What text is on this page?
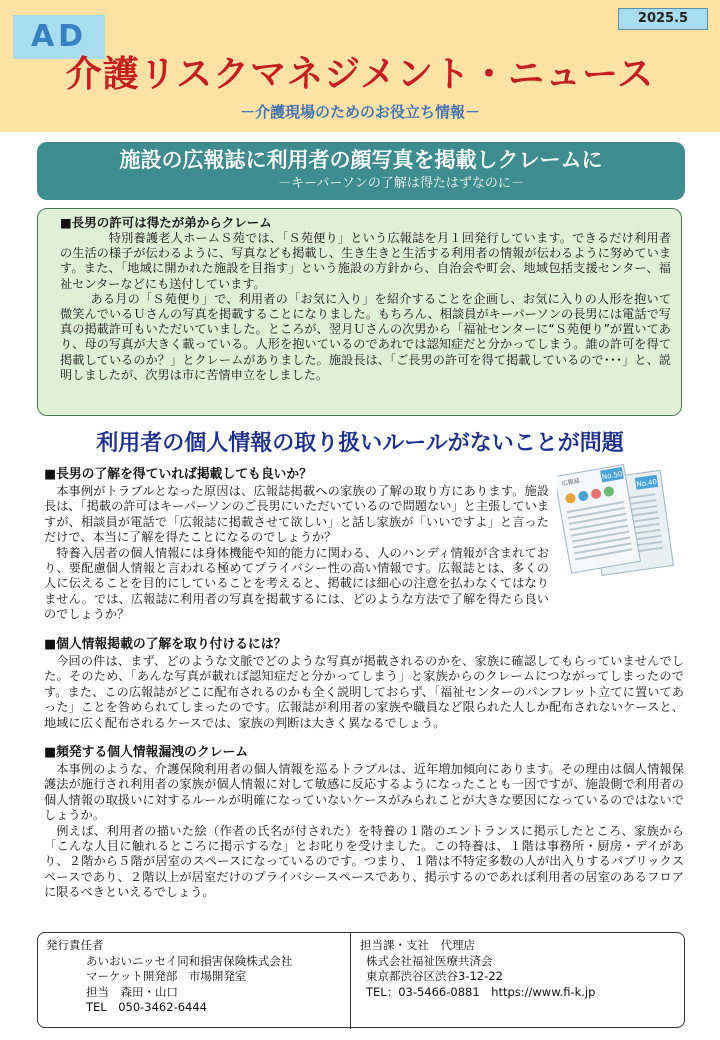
AD
2025.5
介護リスクマネジメント・ニュース
－介護現場のためのお役立ち情報－
施設の広報誌に利用者の顔写真を掲載しクレームに
－キーパーソンの了解は得たはずなのに－
■長男の許可は得たが弟からクレーム

特別養護老人ホームＳ苑では、「Ｓ苑便り」という広報誌を月１回発行しています。できるだけ利用者の生活の様子が伝わるように、写真なども掲載し、生き生きと生活する利用者の情報が伝わるように努めています。また、「地域に開かれた施設を目指す」という施設の方針から、自治会や町会、地域包括支援センター、福祉センターなどにも送付しています。

ある月の「Ｓ苑便り」で、利用者の「お気に入り」を紹介することを企画し、お気に入りの人形を抱いて微笑んでいるＵさんの写真を掲載することになりました。もちろん、相談員がキーパーソンの長男には電話で写真の掲載許可もいただいていました。ところが、翌月Ｕさんの次男から「福祉センターに“Ｓ苑便り”が置いてあり、母の写真が大きく載っている。人形を抱いているのであれでは認知症だと分かってしまう。誰の許可を得て掲載しているのか？」とクレームがありました。施設長は、「ご長男の許可を得て掲載しているので･･･」と、説明しましたが、次男は市に苦情申立をしました。

利用者の個人情報の取り扱いルールがないことが問題
■長男の了解を得ていれば掲載しても良いか？

本事例がトラブルとなった原因は、広報誌掲載への家族の了解の取り方にあります。施設長は、「掲載の許可はキーパーソンのご長男にいただいているので問題ない」と主張していますが、相談員が電話で「広報誌に掲載させて欲しい」と話し家族が「いいですよ」と言っただけで、本当に了解を得たことになるのでしょうか？

特養入居者の個人情報には身体機能や知的能力に関わる、人のハンディ情報が含まれており、要配慮個人情報と言われる極めてプライバシー性の高い情報です。広報誌とは、多くの人に伝えることを目的にしていることを考えると、掲載には細心の注意を払わなくてはなりません。では、広報誌に利用者の写真を掲載するには、どのような方法で了解を得たら良いのでしょうか？

No.40
広報誌
No.50
■個人情報掲載の了解を取り付けるには？

今回の件は、まず、どのような文脈でどのような写真が掲載されるのかを、家族に確認してもらっていませんでした。そのため、「あんな写真が載れば認知症だと分かってしまう」と家族からのクレームにつながってしまったのです。また、この広報誌がどこに配布されるのかも全く説明しておらず、「福祉センターのパンフレット立てに置いてあった」ことを咎められてしまったのです。広報誌が利用者の家族や職員など限られた人しか配布されないケースと、地域に広く配布されるケースでは、家族の判断は大きく異なるでしょう。

■頻発する個人情報漏洩のクレーム

本事例のような、介護保険利用者の個人情報を巡るトラブルは、近年増加傾向にあります。その理由は個人情報保護法が施行され利用者の家族が個人情報に対して敏感に反応するようになったことも一因ですが、施設側で利用者の個人情報の取扱いに対するルールが明確になっていないケースがみられことが大きな要因になっているのではないでしょうか。

例えば、利用者の描いた絵（作者の氏名が付された）を特養の１階のエントランスに掲示したところ、家族から「こんな人目に触れるところに掲示するな」とお叱りを受けました。この特養は、１階は事務所・厨房・デイがあり、２階から５階が居室のスペースになっているのです。つまり、１階は不特定多数の人が出入りするパブリックスペースであり、２階以上が居室だけのプライバシースペースであり、掲示するのであれば利用者の居室のあるフロアに限るべきといえるでしょう。

発行責任者
あいおいニッセイ同和損害保険株式会社
マーケット開発部　市場開発室
担当　森田・山口
TEL　050-3462-6444
担当課・支社　代理店
株式会社福祉医療共済会
東京都渋谷区渋谷3-12-22
TEL：03-5466-0881　https://www.fi-k.jp
